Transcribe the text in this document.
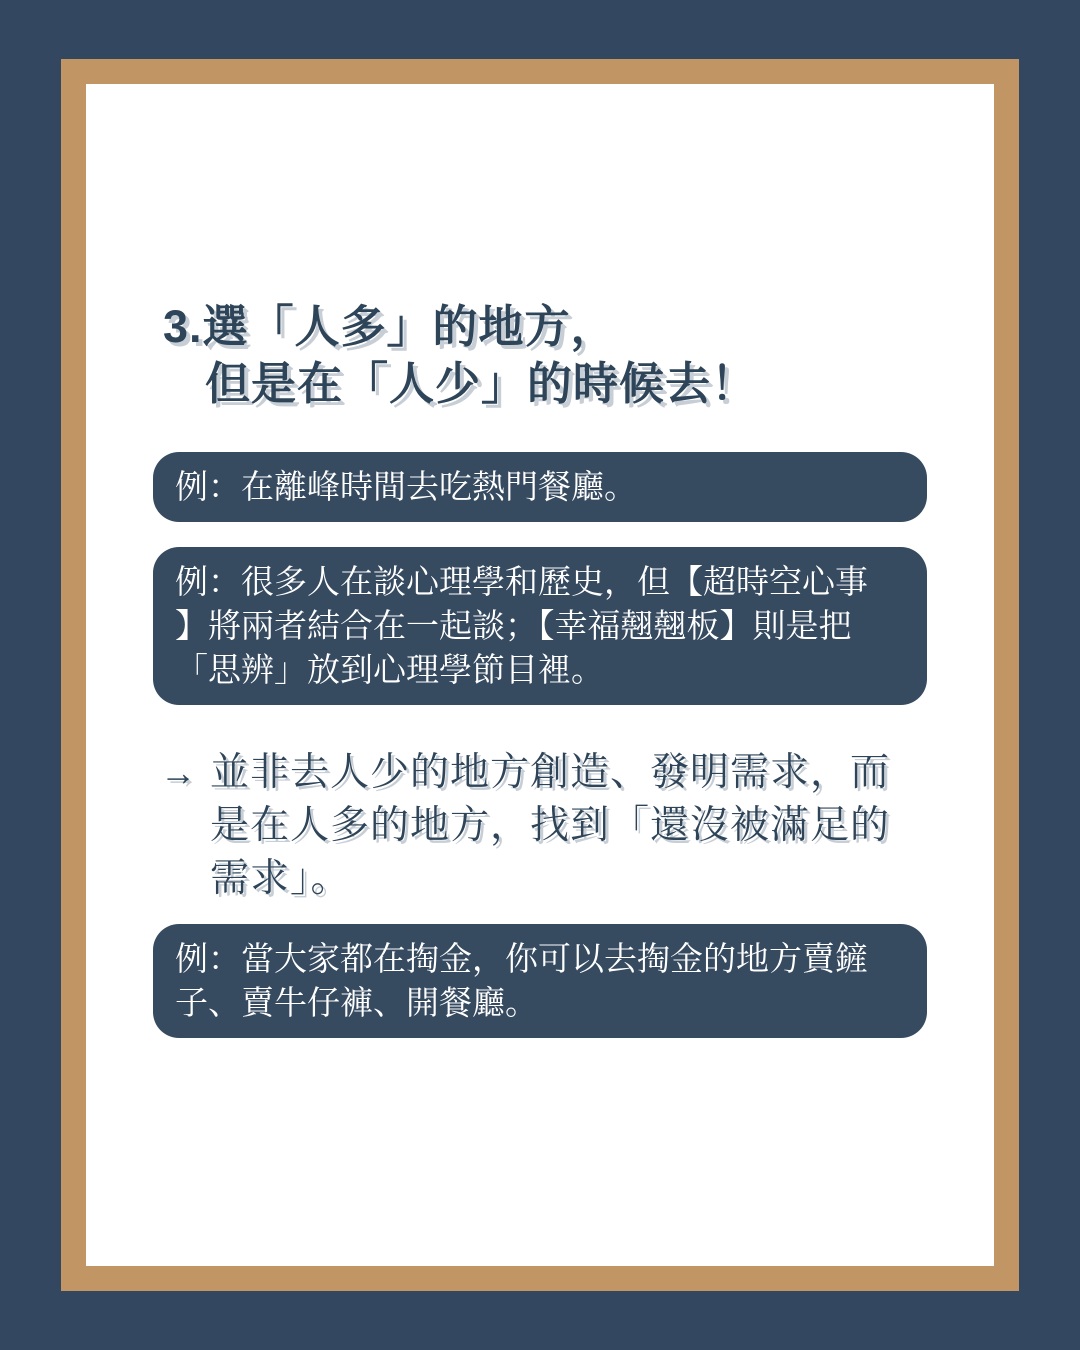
3.選「人多」的地方，
但是在「人少」的時候去！
例：在離峰時間去吃熱門餐廳。
例：很多人在談心理學和歷史，但【超時空心事
】將兩者結合在一起談；【幸福翹翹板】則是把
「思辨」放到心理學節目裡。
→ 並非去人少的地方創造、發明需求，而
是在人多的地方，找到「還沒被滿足的
需求」。
例：當大家都在掏金，你可以去掏金的地方賣鏟
子、賣牛仔褲、開餐廳。
